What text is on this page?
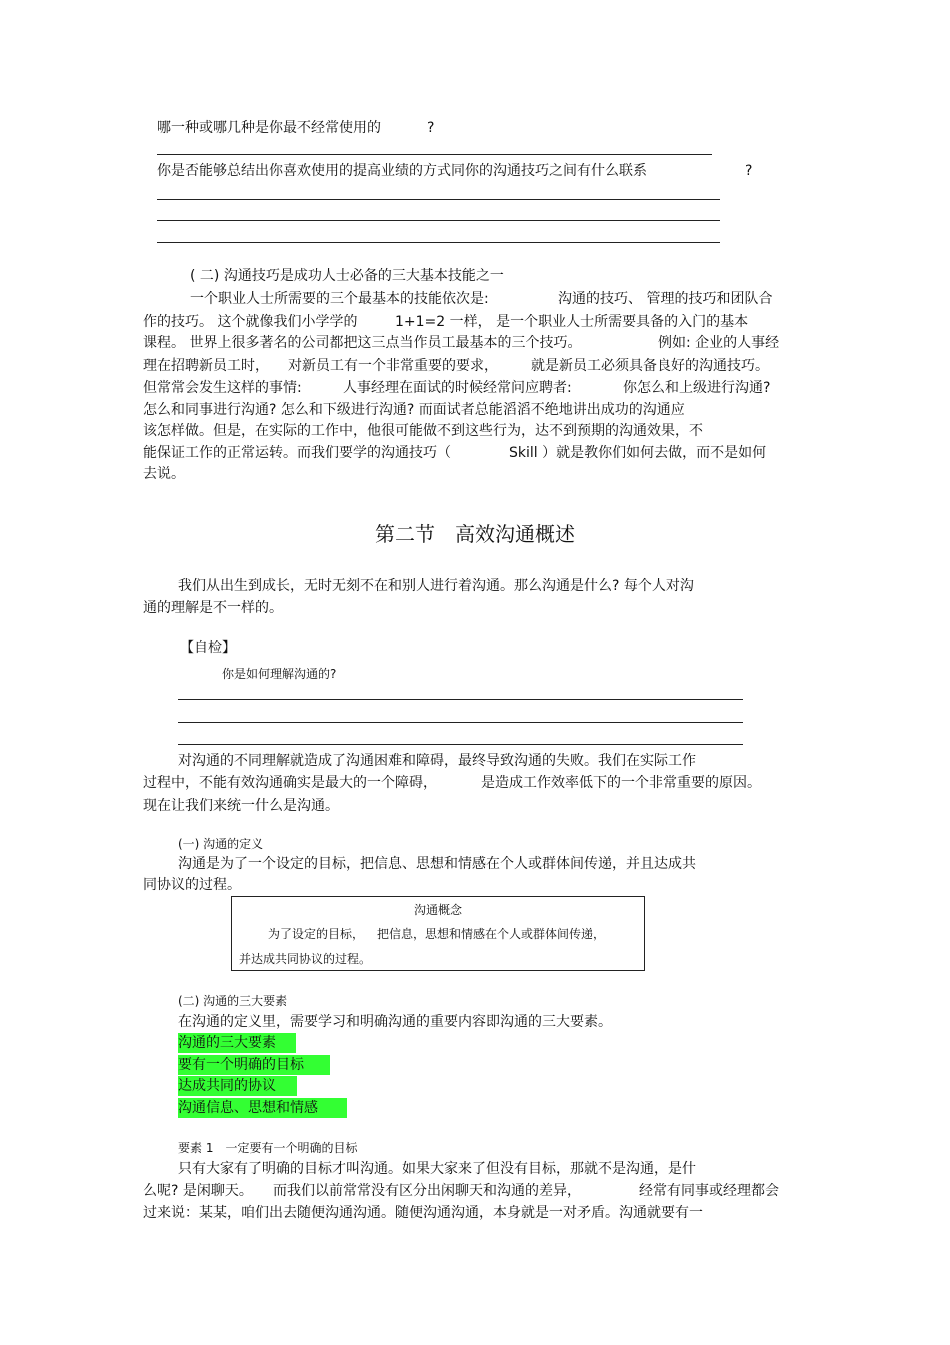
哪一种或哪几种是你最不经常使用的	?
你是否能够总结出你喜欢使用的提高业绩的方式同你的沟通技巧之间有什么联系	?
( 二) 沟通技巧是成功人士必备的三大基本技能之一
一个职业人士所需要的三个最基本的技能依次是:	沟通的技巧、 管理的技巧和团队合
作的技巧。 这个就像我们小学学的	1+1=2 一样， 是一个职业人士所需要具备的入门的基本
课程。 世界上很多著名的公司都把这三点当作员工最基本的三个技巧。	例如: 企业的人事经
理在招聘新员工时， 对新员工有一个非常重要的要求， 就是新员工必须具备良好的沟通技巧。
但常常会发生这样的事情:	人事经理在面试的时候经常问应聘者:	你怎么和上级进行沟通?
怎么和同事进行沟通? 怎么和下级进行沟通? 而面试者总能滔滔不绝地讲出成功的沟通应
该怎样做。但是，在实际的工作中，他很可能做不到这些行为，达不到预期的沟通效果，不
能保证工作的正常运转。而我们要学的沟通技巧（	Skill ）就是教你们如何去做，而不是如何
去说。
第二节　高效沟通概述
我们从出生到成长，无时无刻不在和别人进行着沟通。那么沟通是什么? 每个人对沟
通的理解是不一样的。
【自检】
你是如何理解沟通的?
对沟通的不同理解就造成了沟通困难和障碍，最终导致沟通的失败。我们在实际工作
过程中，不能有效沟通确实是最大的一个障碍，	是造成工作效率低下的一个非常重要的原因。
现在让我们来统一什么是沟通。
(一) 沟通的定义
沟通是为了一个设定的目标，把信息、思想和情感在个人或群体间传递，并且达成共
同协议的过程。
沟通概念
为了设定的目标， 把信息，思想和情感在个人或群体间传递，
并达成共同协议的过程。
(二) 沟通的三大要素
在沟通的定义里，需要学习和明确沟通的重要内容即沟通的三大要素。
沟通的三大要素
要有一个明确的目标
达成共同的协议
沟通信息、思想和情感
要素 1　一定要有一个明确的目标
只有大家有了明确的目标才叫沟通。如果大家来了但没有目标，那就不是沟通，是什
么呢? 是闲聊天。 而我们以前常常没有区分出闲聊天和沟通的差异，	经常有同事或经理都会
过来说：某某，咱们出去随便沟通沟通。随便沟通沟通，本身就是一对矛盾。沟通就要有一
